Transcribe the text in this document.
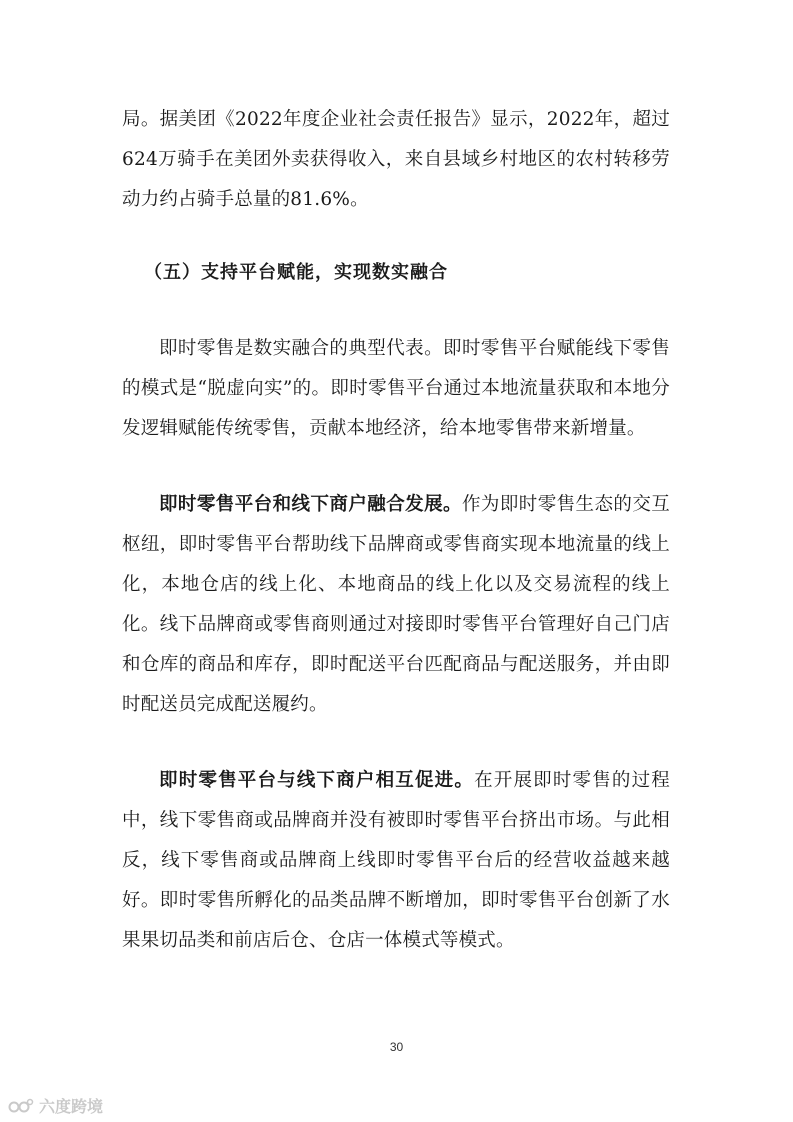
局。据美团《2022年度企业社会责任报告》显示，2022年，超过624万骑手在美团外卖获得收入，来自县域乡村地区的农村转移劳动力约占骑手总量的81.6%。

（五）支持平台赋能，实现数实融合

即时零售是数实融合的典型代表。即时零售平台赋能线下零售的模式是“脱虚向实”的。即时零售平台通过本地流量获取和本地分发逻辑赋能传统零售，贡献本地经济，给本地零售带来新增量。

即时零售平台和线下商户融合发展。作为即时零售生态的交互枢纽，即时零售平台帮助线下品牌商或零售商实现本地流量的线上化，本地仓店的线上化、本地商品的线上化以及交易流程的线上化。线下品牌商或零售商则通过对接即时零售平台管理好自己门店和仓库的商品和库存，即时配送平台匹配商品与配送服务，并由即时配送员完成配送履约。

即时零售平台与线下商户相互促进。在开展即时零售的过程中，线下零售商或品牌商并没有被即时零售平台挤出市场。与此相反，线下零售商或品牌商上线即时零售平台后的经营收益越来越好。即时零售所孵化的品类品牌不断增加，即时零售平台创新了水果果切品类和前店后仓、仓店一体模式等模式。

30
六度跨境
